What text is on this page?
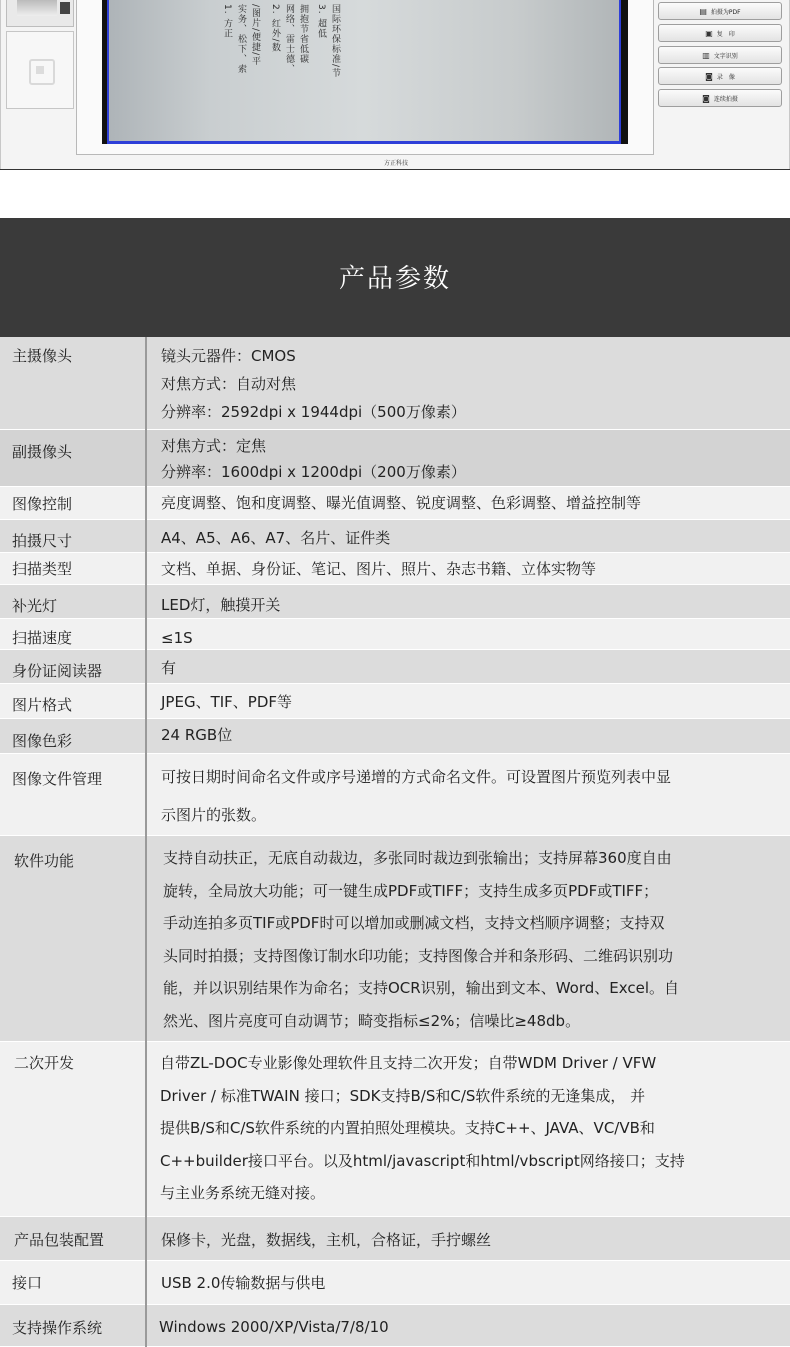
1. 方正 实务、松下、索 /图片/便捷/平 2. 红外/数 网络、雷士德、 拥抱节省低碳 3. 超低 国际环保标准/节	▤ 拍摄为PDF
▣ 复　印
▥ 文字识别
◙ 录　像
◙ 连续拍摄
方正科技
产品参数
主摄像头	镜头元器件：CMOS
对焦方式：自动对焦
分辨率：2592dpi x 1944dpi（500万像素）
副摄像头	对焦方式：定焦
分辨率：1600dpi x 1200dpi（200万像素）
图像控制	亮度调整、饱和度调整、曝光值调整、锐度调整、色彩调整、增益控制等
拍摄尺寸	A4、A5、A6、A7、名片、证件类
扫描类型	文档、单据、身份证、笔记、图片、照片、杂志书籍、立体实物等
补光灯	LED灯，触摸开关
扫描速度	≤1S
身份证阅读器	有
图片格式	JPEG、TIF、PDF等
图像色彩	24 RGB位
图像文件管理	可按日期时间命名文件或序号递增的方式命名文件。可设置图片预览列表中显
示图片的张数。
软件功能	支持自动扶正，无底自动裁边，多张同时裁边到张输出；支持屏幕360度自由
旋转，全局放大功能；可一键生成PDF或TIFF；支持生成多页PDF或TIFF；
手动连拍多页TIF或PDF时可以增加或删减文档，支持文档顺序调整；支持双
头同时拍摄；支持图像订制水印功能；支持图像合并和条形码、二维码识别功
能，并以识别结果作为命名；支持OCR识别，输出到文本、Word、Excel。自
然光、图片亮度可自动调节；畸变指标≤2%；信噪比≥48db。
二次开发	自带ZL-DOC专业影像处理软件且支持二次开发；自带WDM Driver / VFW
Driver / 标准TWAIN 接口；SDK支持B/S和C/S软件系统的无逢集成， 并
提供B/S和C/S软件系统的内置拍照处理模块。支持C++、JAVA、VC/VB和
C++builder接口平台。以及html/javascript和html/vbscript网络接口；支持
与主业务系统无缝对接。
产品包装配置	保修卡，光盘，数据线，主机，合格证，手拧螺丝
接口	USB 2.0传输数据与供电
支持操作系统	Windows 2000/XP/Vista/7/8/10
